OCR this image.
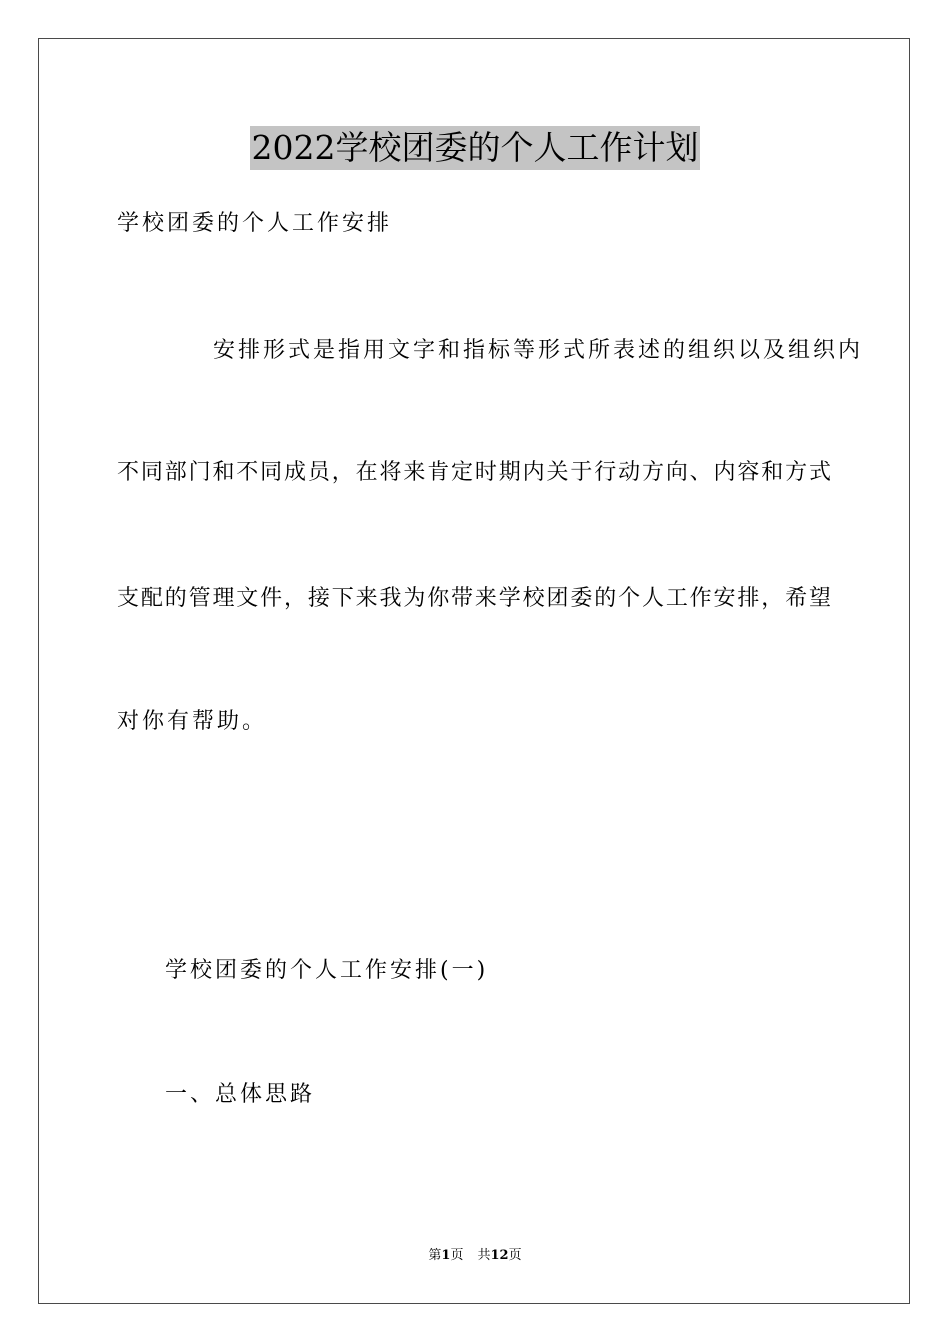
2022学校团委的个人工作计划
学校团委的个人工作安排
安排形式是指用文字和指标等形式所表述的组织以及组织内
不同部门和不同成员，在将来肯定时期内关于行动方向、内容和方式
支配的管理文件，接下来我为你带来学校团委的个人工作安排，希望
对你有帮助。
学校团委的个人工作安排(一)
一、总体思路
第1页 共12页
